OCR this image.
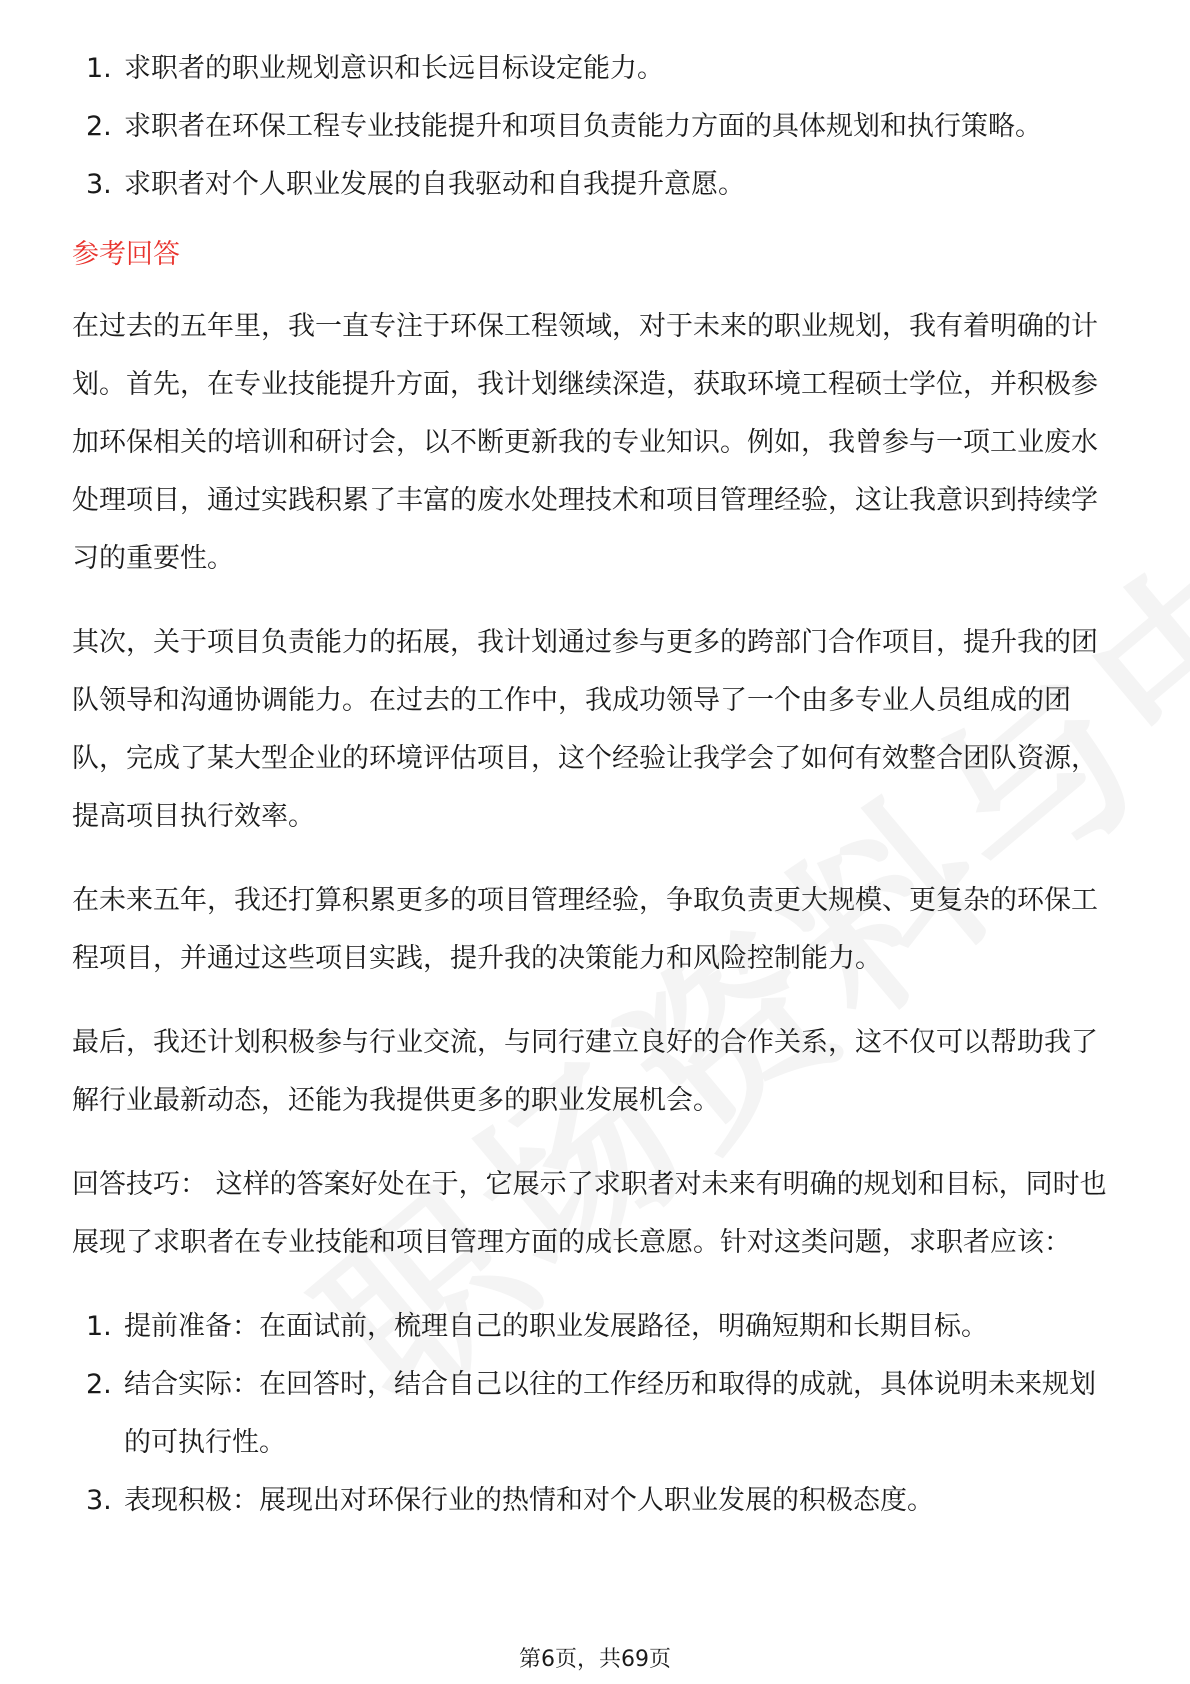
1. 求职者的职业规划意识和长远目标设定能力。
2. 求职者在环保工程专业技能提升和项目负责能力方面的具体规划和执行策略。
3. 求职者对个人职业发展的自我驱动和自我提升意愿。

参考回答

在过去的五年里，我一直专注于环保工程领域，对于未来的职业规划，我有着明确的计划。首先，在专业技能提升方面，我计划继续深造，获取环境工程硕士学位，并积极参加环保相关的培训和研讨会，以不断更新我的专业知识。例如，我曾参与一项工业废水处理项目，通过实践积累了丰富的废水处理技术和项目管理经验，这让我意识到持续学习的重要性。

其次，关于项目负责能力的拓展，我计划通过参与更多的跨部门合作项目，提升我的团队领导和沟通协调能力。在过去的工作中，我成功领导了一个由多专业人员组成的团队，完成了某大型企业的环境评估项目，这个经验让我学会了如何有效整合团队资源，提高项目执行效率。

在未来五年，我还打算积累更多的项目管理经验，争取负责更大规模、更复杂的环保工程项目，并通过这些项目实践，提升我的决策能力和风险控制能力。

最后，我还计划积极参与行业交流，与同行建立良好的合作关系，这不仅可以帮助我了解行业最新动态，还能为我提供更多的职业发展机会。

回答技巧： 这样的答案好处在于，它展示了求职者对未来有明确的规划和目标，同时也展现了求职者在专业技能和项目管理方面的成长意愿。针对这类问题，求职者应该：

1. 提前准备：在面试前，梳理自己的职业发展路径，明确短期和长期目标。
2. 结合实际：在回答时，结合自己以往的工作经历和取得的成就，具体说明未来规划的可执行性。
3. 表现积极：展现出对环保行业的热情和对个人职业发展的积极态度。
第6页，共69页
